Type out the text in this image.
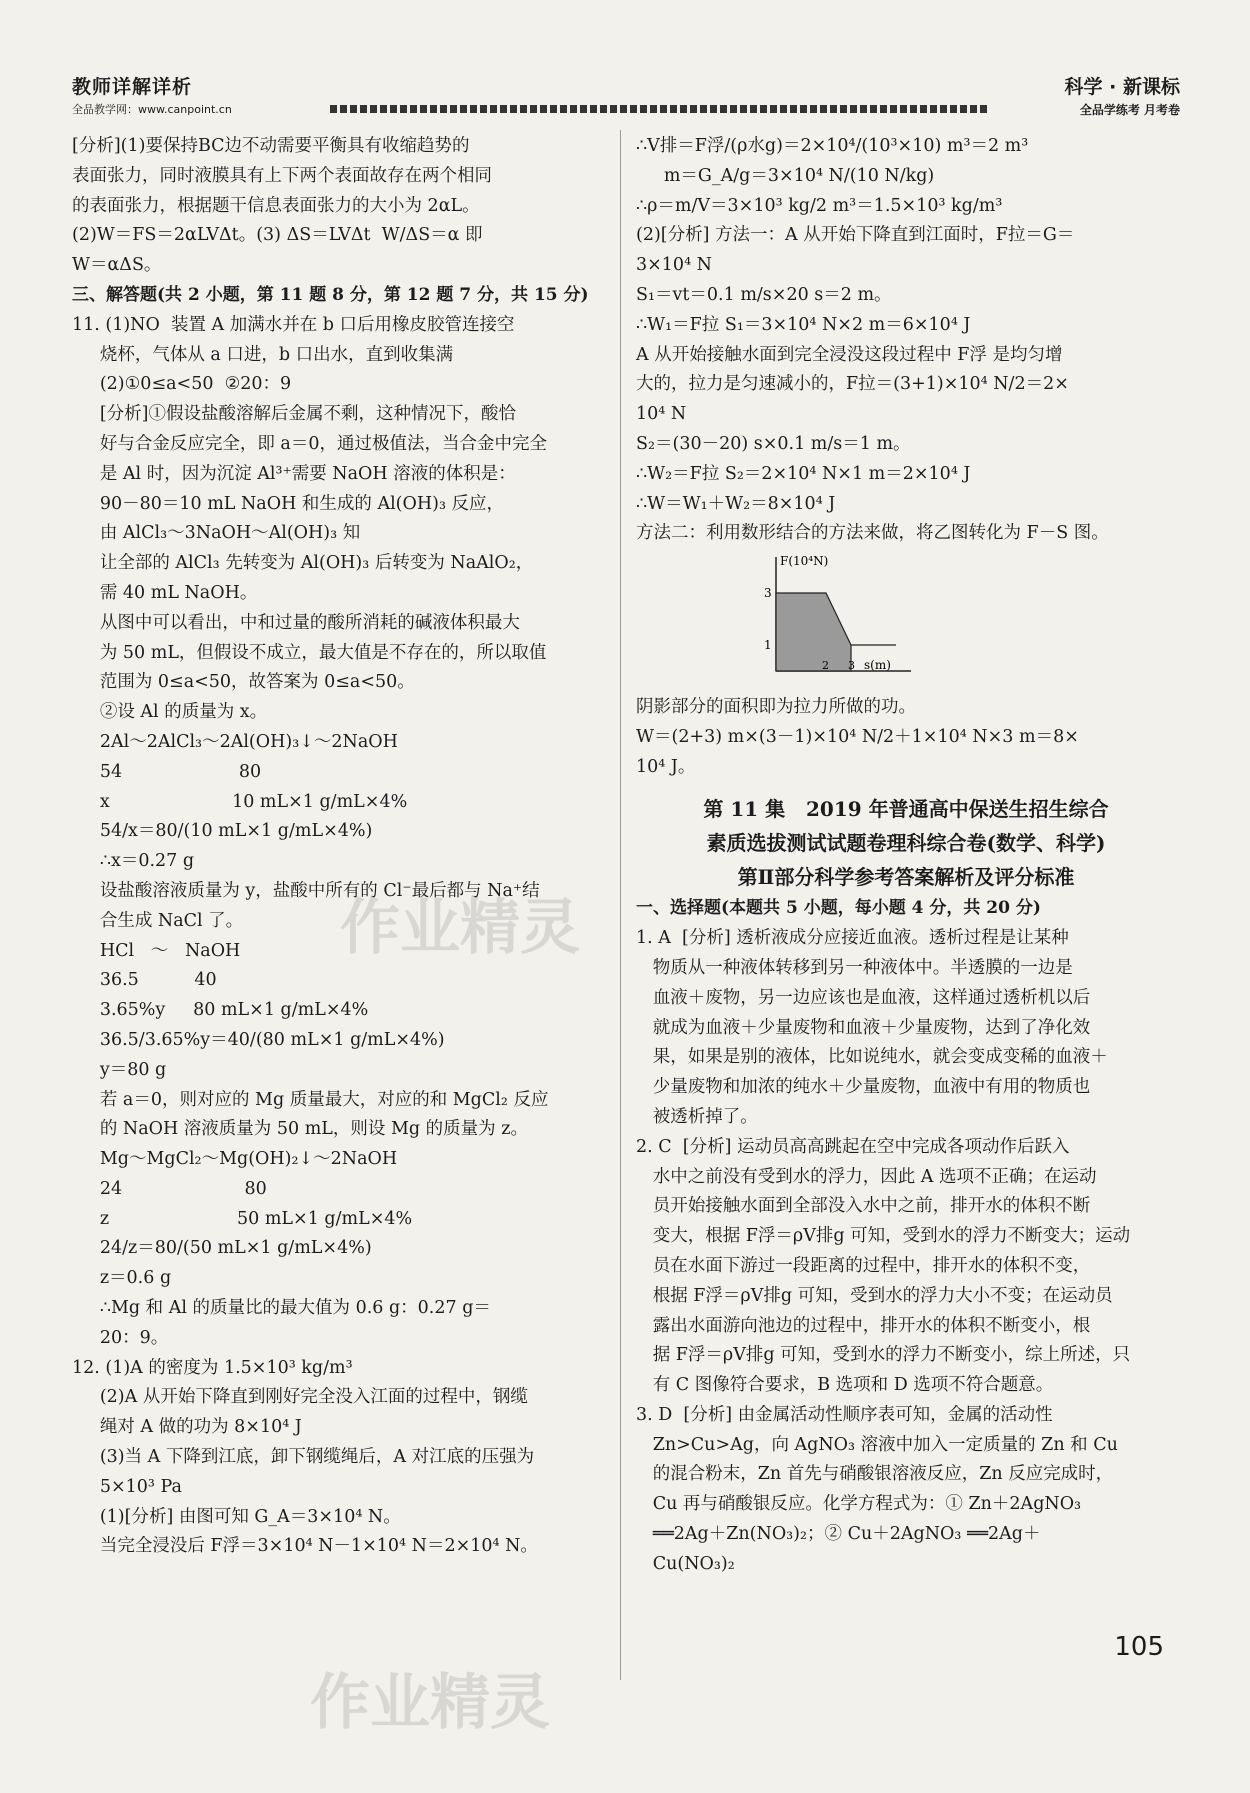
教师详解详析
全品教学网：www.canpoint.cn
科学 · 新课标
全品学练考 月考卷

[分析](1)要保持BC边不动需要平衡具有收缩趋势的

表面张力，同时液膜具有上下两个表面故存在两个相同

的表面张力，根据题干信息表面张力的大小为 2αL。

(2)W＝FS＝2αLVΔt。(3) ΔS＝LVΔt  W/ΔS＝α 即

W＝αΔS。

三、解答题(共 2 小题，第 11 题 8 分，第 12 题 7 分，共 15 分)

11. (1)NO  装置 A 加满水并在 b 口后用橡皮胶管连接空

烧杯，气体从 a 口进，b 口出水，直到收集满

(2)①0≤a<50  ②20：9

[分析]①假设盐酸溶解后金属不剩，这种情况下，酸恰

好与合金反应完全，即 a＝0，通过极值法，当合金中完全

是 Al 时，因为沉淀 Al³⁺需要 NaOH 溶液的体积是：

90－80＝10 mL NaOH 和生成的 Al(OH)₃ 反应，

由 AlCl₃～3NaOH～Al(OH)₃ 知

让全部的 AlCl₃ 先转变为 Al(OH)₃ 后转变为 NaAlO₂，

需 40 mL NaOH。

从图中可以看出，中和过量的酸所消耗的碱液体积最大

为 50 mL，但假设不成立，最大值是不存在的，所以取值

范围为 0≤a<50，故答案为 0≤a<50。

②设 Al 的质量为 x。

2Al～2AlCl₃～2Al(OH)₃↓～2NaOH

54                     80

x                      10 mL×1 g/mL×4%

54/x＝80/(10 mL×1 g/mL×4%)

∴x＝0.27 g

设盐酸溶液质量为 y，盐酸中所有的 Cl⁻最后都与 Na⁺结

合生成 NaCl 了。

HCl   ～   NaOH

36.5          40

3.65%y     80 mL×1 g/mL×4%

36.5/3.65%y＝40/(80 mL×1 g/mL×4%)

y＝80 g

若 a＝0，则对应的 Mg 质量最大，对应的和 MgCl₂ 反应

的 NaOH 溶液质量为 50 mL，则设 Mg 的质量为 z。

Mg～MgCl₂～Mg(OH)₂↓～2NaOH

24                      80

z                       50 mL×1 g/mL×4%

24/z＝80/(50 mL×1 g/mL×4%)

z＝0.6 g

∴Mg 和 Al 的质量比的最大值为 0.6 g：0.27 g＝

20：9。

12. (1)A 的密度为 1.5×10³ kg/m³

(2)A 从开始下降直到刚好完全没入江面的过程中，钢缆

绳对 A 做的功为 8×10⁴ J

(3)当 A 下降到江底，卸下钢缆绳后，A 对江底的压强为

5×10³ Pa

(1)[分析] 由图可知 G_A＝3×10⁴ N。

当完全浸没后 F浮＝3×10⁴ N－1×10⁴ N＝2×10⁴ N。

∴V排＝F浮/(ρ水g)＝2×10⁴/(10³×10) m³＝2 m³

m＝G_A/g＝3×10⁴ N/(10 N/kg)

∴ρ＝m/V＝3×10³ kg/2 m³＝1.5×10³ kg/m³

(2)[分析] 方法一：A 从开始下降直到江面时，F拉＝G＝

3×10⁴ N

S₁＝vt＝0.1 m/s×20 s＝2 m。

∴W₁＝F拉 S₁＝3×10⁴ N×2 m＝6×10⁴ J

A 从开始接触水面到完全浸没这段过程中 F浮 是均匀增

大的，拉力是匀速减小的，F拉＝(3+1)×10⁴ N/2＝2×

10⁴ N

S₂＝(30－20) s×0.1 m/s＝1 m。

∴W₂＝F拉 S₂＝2×10⁴ N×1 m＝2×10⁴ J

∴W＝W₁＋W₂＝8×10⁴ J

方法二：利用数形结合的方法来做，将乙图转化为 F－S 图。

F(10⁴N)
3
1
2 3 s(m)

阴影部分的面积即为拉力所做的功。

W＝(2+3) m×(3－1)×10⁴ N/2＋1×10⁴ N×3 m＝8×

10⁴ J。

第 11 集   2019 年普通高中保送生招生综合

素质选拔测试试题卷理科综合卷(数学、科学)

第Ⅱ部分科学参考答案解析及评分标准

一、选择题(本题共 5 小题，每小题 4 分，共 20 分)

1. A  [分析] 透析液成分应接近血液。透析过程是让某种

物质从一种液体转移到另一种液体中。半透膜的一边是

血液＋废物，另一边应该也是血液，这样通过透析机以后

就成为血液＋少量废物和血液＋少量废物，达到了净化效

果，如果是别的液体，比如说纯水，就会变成变稀的血液＋

少量废物和加浓的纯水＋少量废物，血液中有用的物质也

被透析掉了。

2. C  [分析] 运动员高高跳起在空中完成各项动作后跃入

水中之前没有受到水的浮力，因此 A 选项不正确；在运动

员开始接触水面到全部没入水中之前，排开水的体积不断

变大，根据 F浮＝ρV排g 可知，受到水的浮力不断变大；运动

员在水面下游过一段距离的过程中，排开水的体积不变，

根据 F浮＝ρV排g 可知，受到水的浮力大小不变；在运动员

露出水面游向池边的过程中，排开水的体积不断变小，根

据 F浮＝ρV排g 可知，受到水的浮力不断变小，综上所述，只

有 C 图像符合要求，B 选项和 D 选项不符合题意。

3. D  [分析] 由金属活动性顺序表可知，金属的活动性

Zn>Cu>Ag，向 AgNO₃ 溶液中加入一定质量的 Zn 和 Cu

的混合粉末，Zn 首先与硝酸银溶液反应，Zn 反应完成时，

Cu 再与硝酸银反应。化学方程式为：① Zn＋2AgNO₃

══2Ag＋Zn(NO₃)₂；② Cu＋2AgNO₃ ══2Ag＋

Cu(NO₃)₂

105
作业精灵
作业精灵
